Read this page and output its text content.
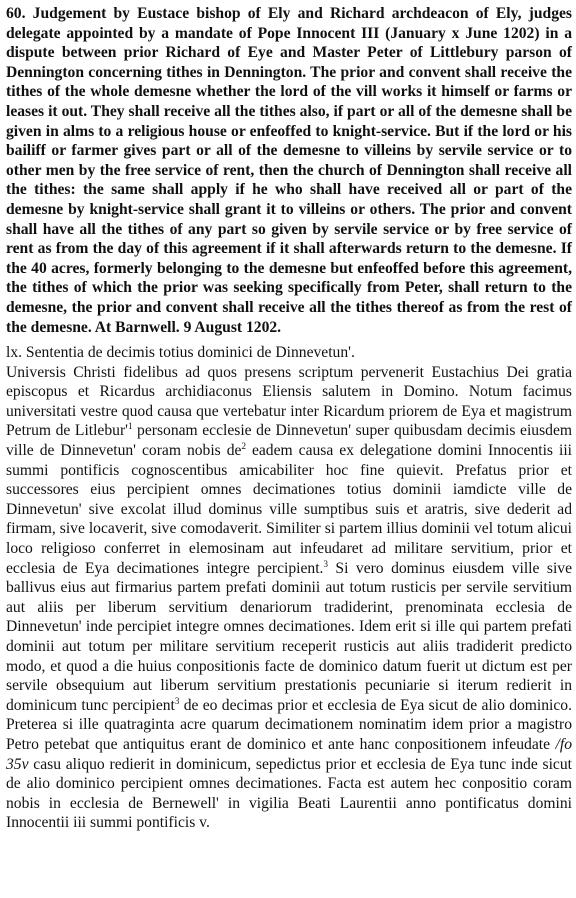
60. Judgement by Eustace bishop of Ely and Richard archdeacon of Ely, judges delegate appointed by a mandate of Pope Innocent III (January x June 1202) in a dispute between prior Richard of Eye and Master Peter of Littlebury parson of Dennington concerning tithes in Dennington. The prior and convent shall receive the tithes of the whole demesne whether the lord of the vill works it himself or farms or leases it out. They shall receive all the tithes also, if part or all of the demesne shall be given in alms to a religious house or enfeoffed to knight-service. But if the lord or his bailiff or farmer gives part or all of the demesne to villeins by servile service or to other men by the free service of rent, then the church of Dennington shall receive all the tithes: the same shall apply if he who shall have received all or part of the demesne by knight-service shall grant it to villeins or others. The prior and convent shall have all the tithes of any part so given by servile service or by free service of rent as from the day of this agreement if it shall afterwards return to the demesne. If the 40 acres, formerly belonging to the demesne but enfeoffed before this agreement, the tithes of which the prior was seeking specifically from Peter, shall return to the demesne, the prior and convent shall receive all the tithes thereof as from the rest of the demesne. At Barnwell. 9 August 1202.

lx. Sententia de decimis totius dominici de Dinnevetun'.

Universis Christi fidelibus ad quos presens scriptum pervenerit Eustachius Dei gratia episcopus et Ricardus archidiaconus Eliensis salutem in Domino. Notum facimus universitati vestre quod causa que vertebatur inter Ricardum priorem de Eya et magistrum Petrum de $Litlebur'^1$ personam ecclesie de Dinnevetun' super quibusdam decimis eiusdem ville de Dinnevetun' coram nobis $de^2$ eadem causa ex delegatione domini Innocentis iii summi pontificis cognoscentibus amicabiliter hoc fine quievit. Prefatus prior et successores eius percipient omnes decimationes totius dominii iamdicte ville de Dinnevetun' sive excolat illud dominus ville sumptibus suis et aratris, sive dederit ad firmam, sive locaverit, sive comodaverit. Similiter si partem illius dominii vel totum alicui loco religioso conferret in elemosinam aut infeudaret ad militare servitium, prior et ecclesia de Eya decimationes integre percipient.$^3$ Si vero dominus eiusdem ville sive ballivus eius aut firmarius partem prefati dominii aut totum rusticis per servile servitium aut aliis per liberum servitium denariorum tradiderint, prenominata ecclesia de Dinnevetun' inde percipiet integre omnes decimationes. Idem erit si ille qui partem prefati dominii aut totum per militare servitium receperit rusticis aut aliis tradiderit predicto modo, et quod a die huius conpositionis facte de dominico datum fuerit ut dictum est per servile obsequium aut liberum servitium prestationis pecuniarie si iterum redierit in dominicum tunc percipient$^3$ de eo decimas prior et ecclesia de Eya sicut de alio dominico. Preterea si ille quatraginta acre quarum decimationem nominatim idem prior a magistro Petro petebat que antiquitus erant de dominico et ante hanc conpositionem infeudate /fo 35v casu aliquo redierit in dominicum, sepedictus prior et ecclesia de Eya tunc inde sicut de alio dominico percipient omnes decimationes. Facta est autem hec conpositio coram nobis in ecclesia de Bernewell' in vigilia Beati Laurentii anno pontificatus domini Innocentii iii summi pontificis v.
